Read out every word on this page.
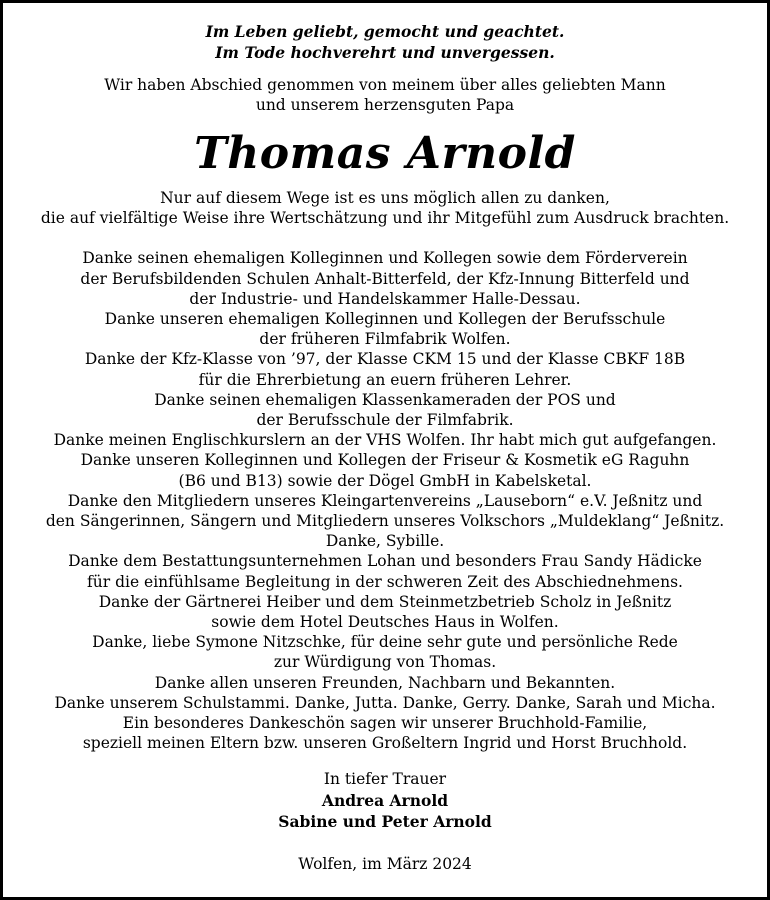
Im Leben geliebt, gemocht und geachtet.
Im Tode hochverehrt und unvergessen.
Wir haben Abschied genommen von meinem über alles geliebten Mann
und unserem herzensguten Papa
Thomas Arnold
Nur auf diesem Wege ist es uns möglich allen zu danken,
die auf vielfältige Weise ihre Wertschätzung und ihr Mitgefühl zum Ausdruck brachten.
Danke seinen ehemaligen Kolleginnen und Kollegen sowie dem Förderverein
der Berufsbildenden Schulen Anhalt-Bitterfeld, der Kfz-Innung Bitterfeld und
der Industrie- und Handelskammer Halle-Dessau.
Danke unseren ehemaligen Kolleginnen und Kollegen der Berufsschule
der früheren Filmfabrik Wolfen.
Danke der Kfz-Klasse von ’97, der Klasse CKM 15 und der Klasse CBKF 18B
für die Ehrerbietung an euern früheren Lehrer.
Danke seinen ehemaligen Klassenkameraden der POS und
der Berufsschule der Filmfabrik.
Danke meinen Englischkurslern an der VHS Wolfen. Ihr habt mich gut aufgefangen.
Danke unseren Kolleginnen und Kollegen der Friseur & Kosmetik eG Raguhn
(B6 und B13) sowie der Dögel GmbH in Kabelsketal.
Danke den Mitgliedern unseres Kleingartenvereins „Lauseborn“ e.V. Jeßnitz und
den Sängerinnen, Sängern und Mitgliedern unseres Volkschors „Muldeklang“ Jeßnitz.
Danke, Sybille.
Danke dem Bestattungsunternehmen Lohan und besonders Frau Sandy Hädicke
für die einfühlsame Begleitung in der schweren Zeit des Abschiednehmens.
Danke der Gärtnerei Heiber und dem Steinmetzbetrieb Scholz in Jeßnitz
sowie dem Hotel Deutsches Haus in Wolfen.
Danke, liebe Symone Nitzschke, für deine sehr gute und persönliche Rede
zur Würdigung von Thomas.
Danke allen unseren Freunden, Nachbarn und Bekannten.
Danke unserem Schulstammi. Danke, Jutta. Danke, Gerry. Danke, Sarah und Micha.
Ein besonderes Dankeschön sagen wir unserer Bruchhold-Familie,
speziell meinen Eltern bzw. unseren Großeltern Ingrid und Horst Bruchhold.
In tiefer Trauer
Andrea Arnold
Sabine und Peter Arnold
Wolfen, im März 2024
